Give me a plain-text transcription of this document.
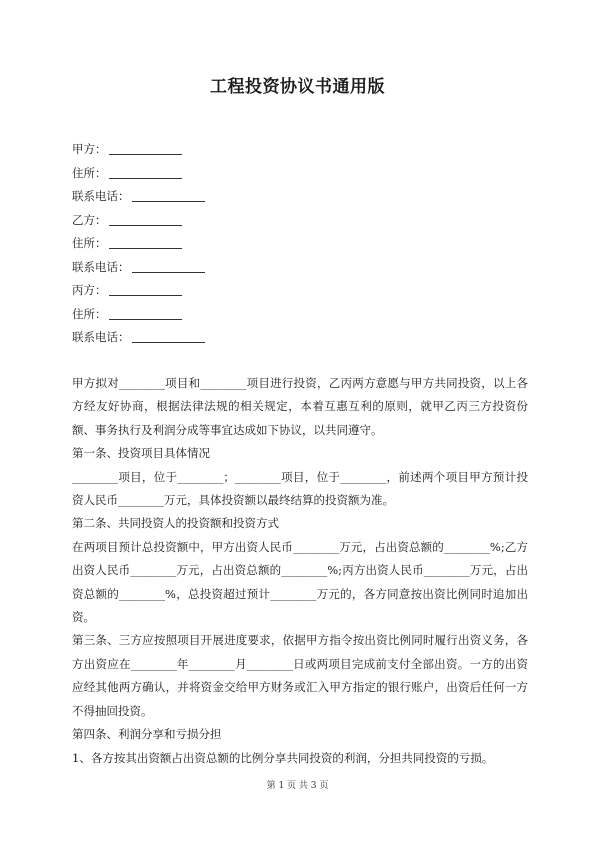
工程投资协议书通用版
甲方：
住所：
联系电话：
乙方：
住所：
联系电话：
丙方：
住所：
联系电话：

甲方拟对________项目和________项目进行投资，乙丙两方意愿与甲方共同投资，以上各方经友好协商，根据法律法规的相关规定，本着互惠互利的原则，就甲乙丙三方投资份额、事务执行及利润分成等事宜达成如下协议，以共同遵守。

第一条、投资项目具体情况

________项目，位于________；________项目，位于________，前述两个项目甲方预计投资人民币________万元，具体投资额以最终结算的投资额为准。

第二条、共同投资人的投资额和投资方式

在两项目预计总投资额中，甲方出资人民币________万元，占出资总额的________%;乙方出资人民币________万元，占出资总额的________%;丙方出资人民币________万元，占出资总额的________%，总投资超过预计________万元的，各方同意按出资比例同时追加出资。

第三条、三方应按照项目开展进度要求，依据甲方指令按出资比例同时履行出资义务，各方出资应在________年________月________日或两项目完成前支付全部出资。一方的出资应经其他两方确认，并将资金交给甲方财务或汇入甲方指定的银行账户，出资后任何一方不得抽回投资。

第四条、利润分享和亏损分担

1、各方按其出资额占出资总额的比例分享共同投资的利润，分担共同投资的亏损。

第 1 页 共 3 页
